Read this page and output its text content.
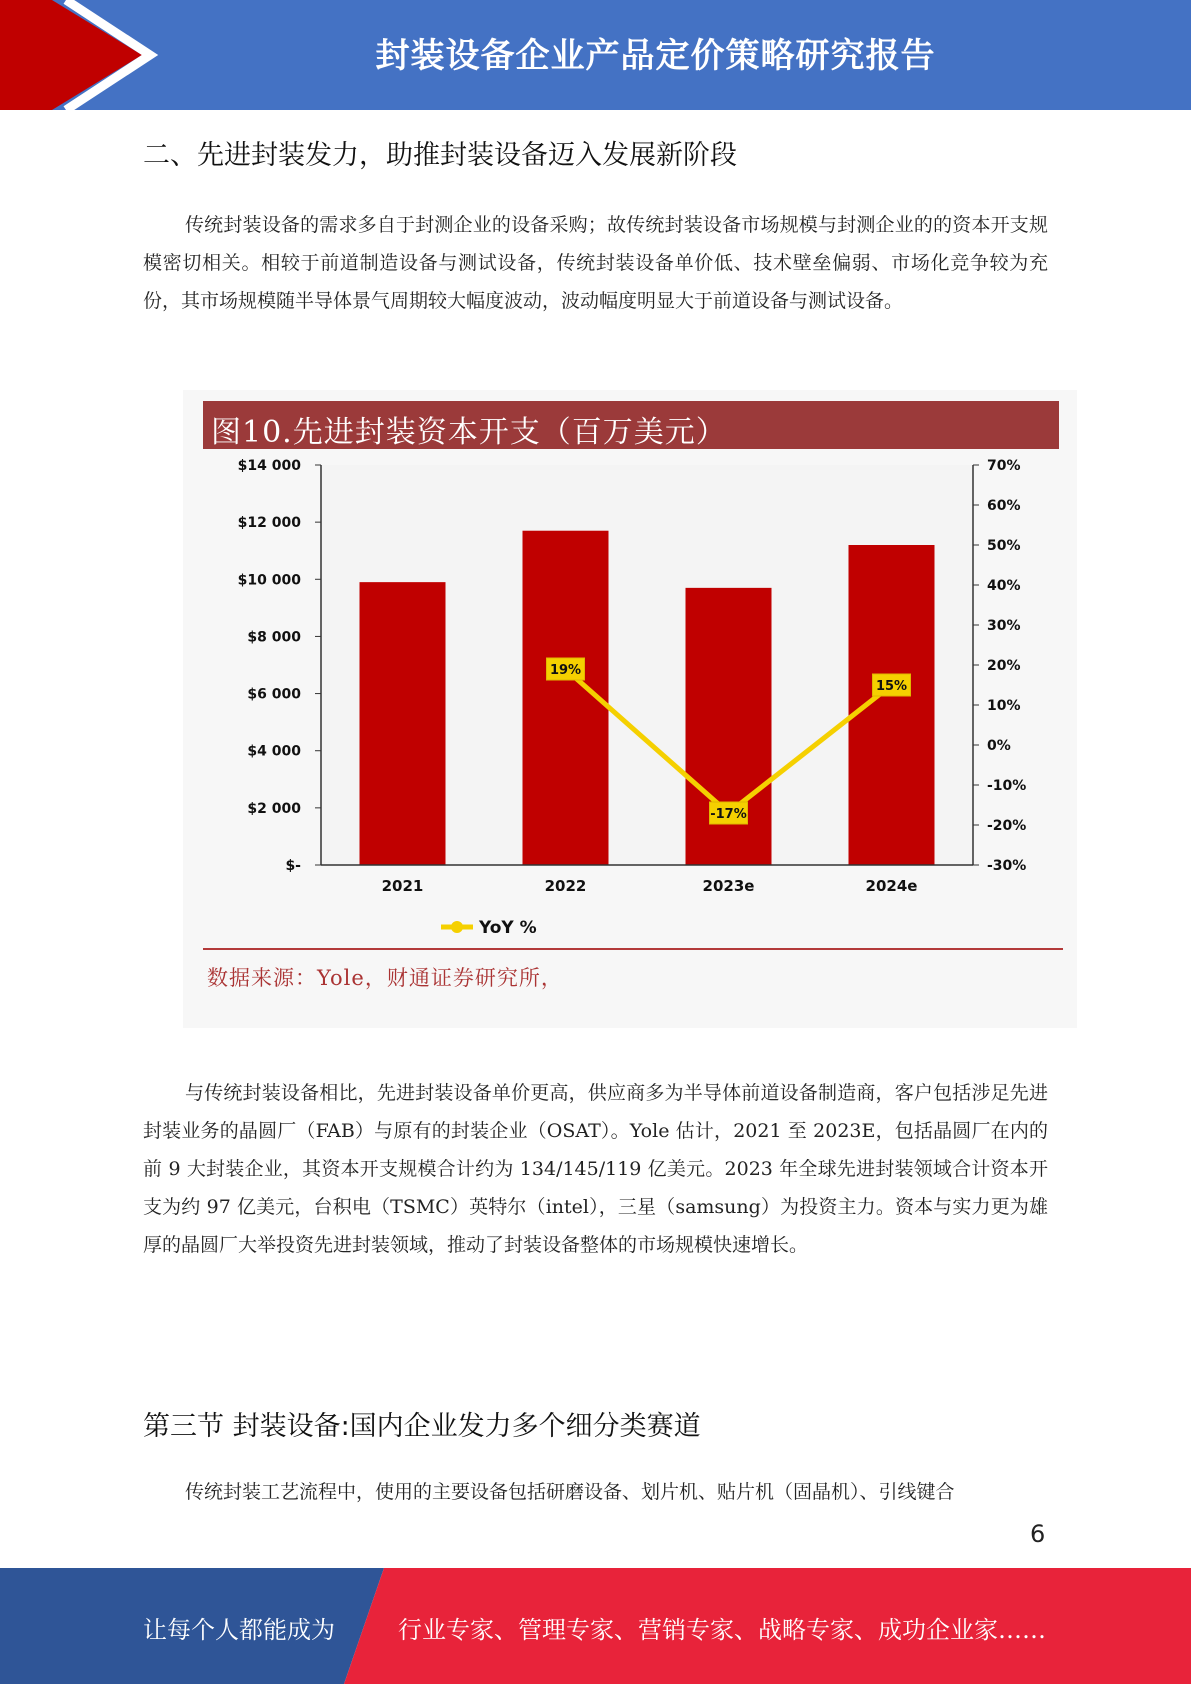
封装设备企业产品定价策略研究报告
二、先进封装发力，助推封装设备迈入发展新阶段
传统封装设备的需求多自于封测企业的设备采购；故传统封装设备市场规模与封测企业的的资本开支规模密切相关。相较于前道制造设备与测试设备，传统封装设备单价低、技术壁垒偏弱、市场化竞争较为充份，其市场规模随半导体景气周期较大幅度波动，波动幅度明显大于前道设备与测试设备。
图10.先进封装资本开支（百万美元）
$-
$2 000
$4 000
$6 000
$8 000
$10 000
$12 000
$14 000
-30%
-20%
-10%
0%
10%
20%
30%
40%
50%
60%
70%
2021	2022	2023e	2024e
19%
-17%
15%
YoY %
数据来源：Yole，财通证券研究所，
与传统封装设备相比，先进封装设备单价更高，供应商多为半导体前道设备制造商，客户包括涉足先进封装业务的晶圆厂（FAB）与原有的封装企业（OSAT）。Yole 估计，2021 至 2023E，包括晶圆厂在内的前 9 大封装企业，其资本开支规模合计约为 134/145/119 亿美元。2023 年全球先进封装领域合计资本开支为约 97 亿美元，台积电（TSMC）英特尔（intel），三星（samsung）为投资主力。资本与实力更为雄厚的晶圆厂大举投资先进封装领域，推动了封装设备整体的市场规模快速增长。
第三节 封装设备:国内企业发力多个细分类赛道
传统封装工艺流程中，使用的主要设备包括研磨设备、划片机、贴片机（固晶机）、引线键合
6
让每个人都能成为	行业专家、管理专家、营销专家、战略专家、成功企业家……
